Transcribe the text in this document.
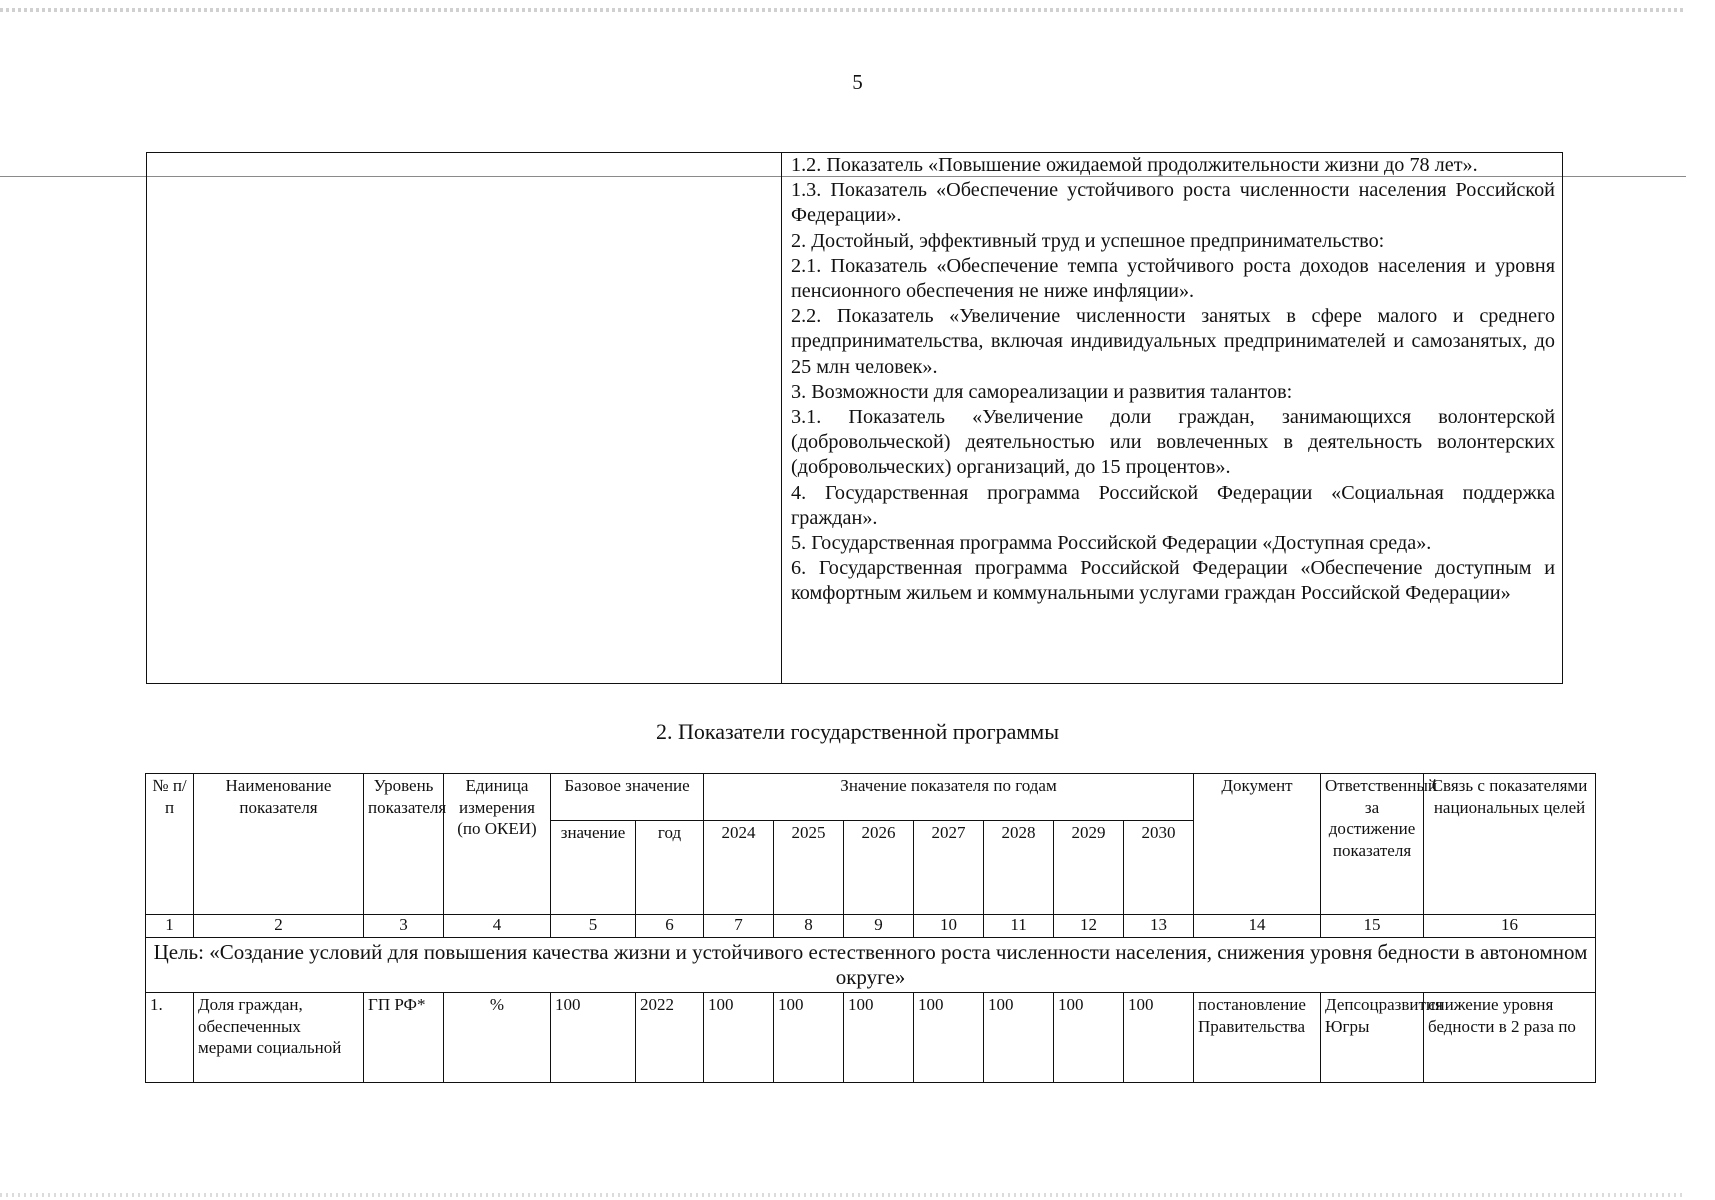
5

1.2. Показатель «Повышение ожидаемой продолжительности жизни до 78 лет».

1.3. Показатель «Обеспечение устойчивого роста численности населения Российской Федерации».

2. Достойный, эффективный труд и успешное предпринимательство:

2.1. Показатель «Обеспечение темпа устойчивого роста доходов населения и уровня пенсионного обеспечения не ниже инфляции».

2.2. Показатель «Увеличение численности занятых в сфере малого и среднего предпринимательства, включая индивидуальных предпринимателей и самозанятых, до 25 млн человек».

3. Возможности для самореализации и развития талантов:

3.1. Показатель «Увеличение доли граждан, занимающихся волонтерской (добровольческой) деятельностью или вовлеченных в деятельность волонтерских (добровольческих) организаций, до 15 процентов».

4. Государственная программа Российской Федерации «Социальная поддержка граждан».

5. Государственная программа Российской Федерации «Доступная среда».

6. Государственная программа Российской Федерации «Обеспечение доступным и комфортным жильем и коммунальными услугами граждан Российской Федерации»

2. Показатели государственной программы
№ п/п	Наименование показателя	Уровень показателя	Единица измерения (по ОКЕИ)	Базовое значение		Значение показателя по годам							Документ	Ответственный за достижение показателя	Связь с показателями национальных целей
				значение	год	2024	2025	2026	2027	2028	2029	2030			
1	2	3	4	5	6	7	8	9	10	11	12	13	14	15	16
Цель: «Создание условий для повышения качества жизни и устойчивого естественного роста численности населения, снижения уровня бедности в автономном округе»															
1.	Доля граждан, обеспеченных мерами социальной	ГП РФ*	%	100	2022	100	100	100	100	100	100	100	постановление Правительства	Депсоцразвития Югры	снижение уровня бедности в 2 раза по
